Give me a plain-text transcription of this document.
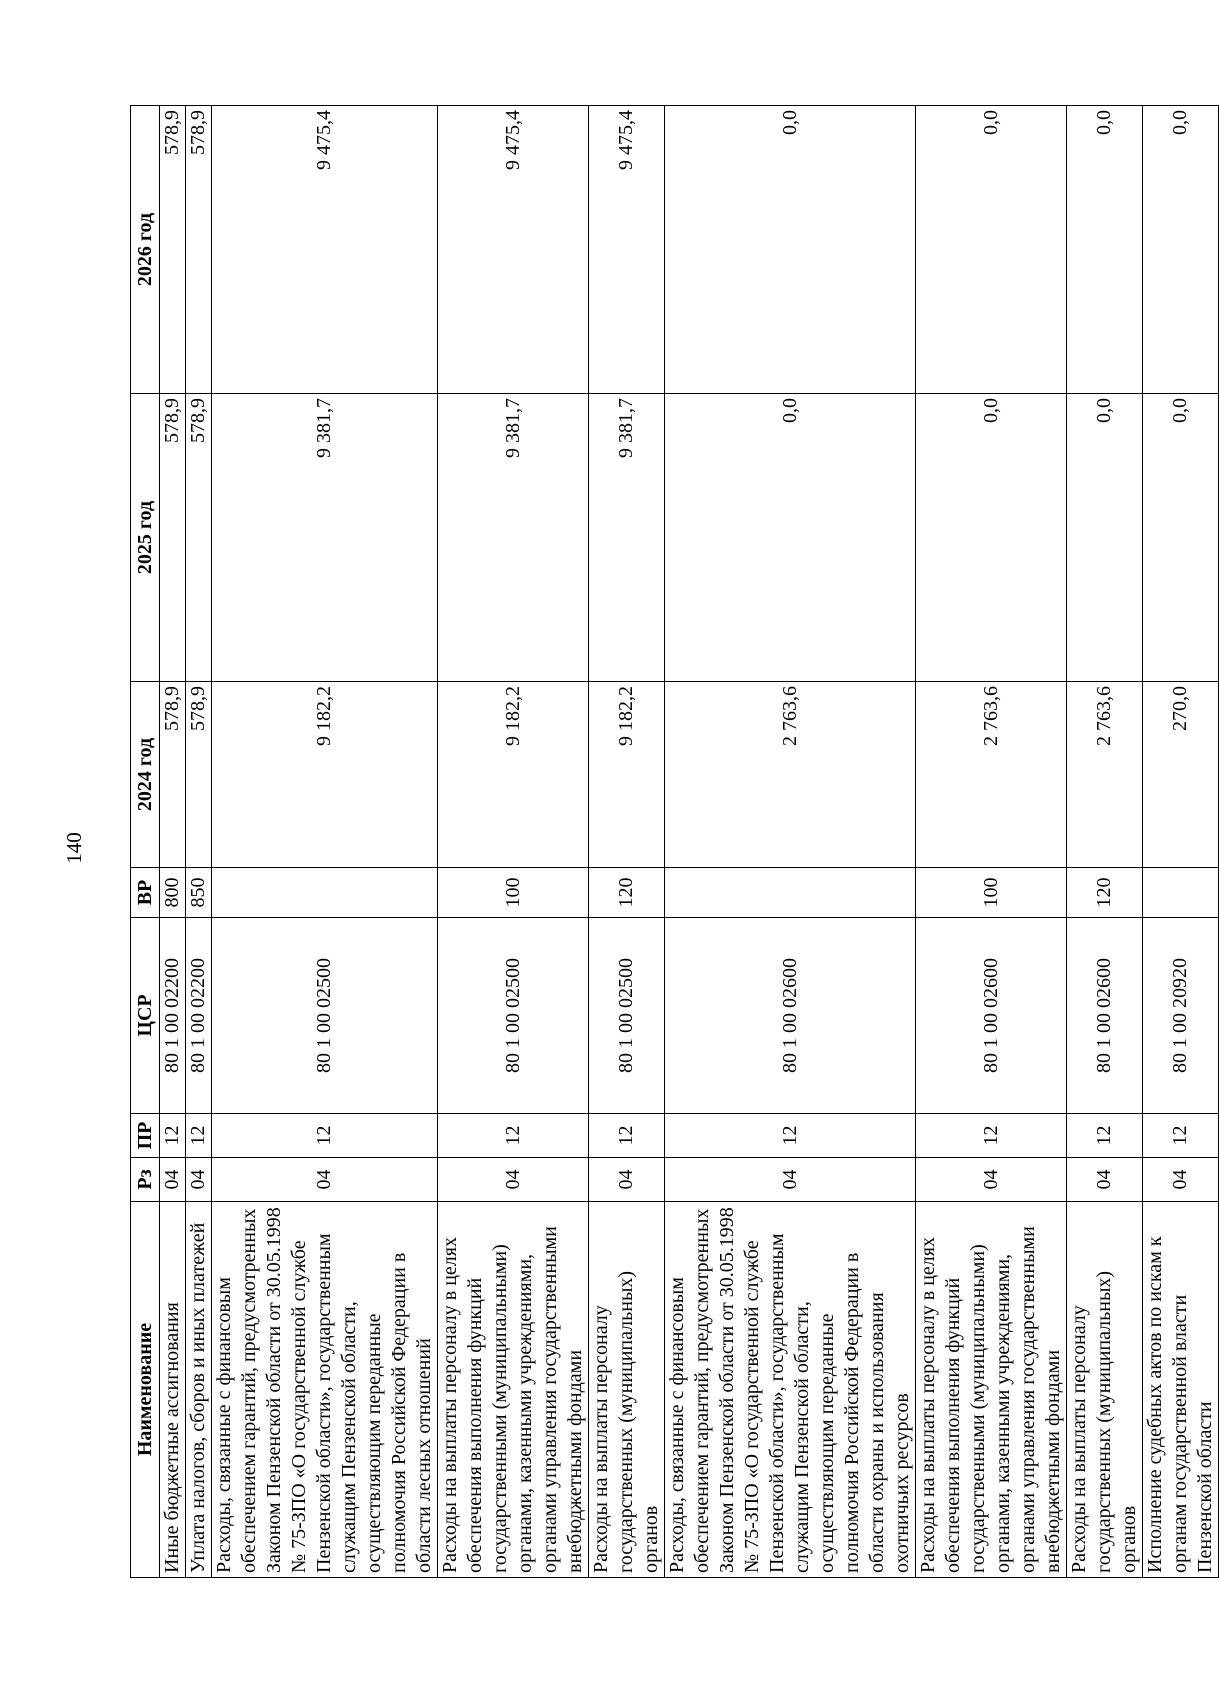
140
Наименование	Рз	ПР	ЦСР	ВР	2024 год	2025 год	2026 год
Иные бюджетные ассигнования	04	12	80 1 00 02200	800	578,9	578,9	578,9
Уплата налогов, сборов и иных платежей	04	12	80 1 00 02200	850	578,9	578,9	578,9
Расходы, связанные с финансовым обеспечением гарантий, предусмотренных Законом Пензенской области от 30.05.1998 № 75-ЗПО «О государственной службе Пензенской области», государственным служащим Пензенской области, осуществляющим переданные полномочия Российской Федерации в области лесных отношений	04	12	80 1 00 02500		9 182,2	9 381,7	9 475,4
Расходы на выплаты персоналу в целях обеспечения выполнения функций государственными (муниципальными) органами, казенными учреждениями, органами управления государственными внебюджетными фондами	04	12	80 1 00 02500	100	9 182,2	9 381,7	9 475,4
Расходы на выплаты персоналу государственных (муниципальных) органов	04	12	80 1 00 02500	120	9 182,2	9 381,7	9 475,4
Расходы, связанные с финансовым обеспечением гарантий, предусмотренных Законом Пензенской области от 30.05.1998 № 75-ЗПО «О государственной службе Пензенской области», государственным служащим Пензенской области, осуществляющим переданные полномочия Российской Федерации в области охраны и использования охотничьих ресурсов	04	12	80 1 00 02600		2 763,6	0,0	0,0
Расходы на выплаты персоналу в целях обеспечения выполнения функций государственными (муниципальными) органами, казенными учреждениями, органами управления государственными внебюджетными фондами	04	12	80 1 00 02600	100	2 763,6	0,0	0,0
Расходы на выплаты персоналу государственных (муниципальных) органов	04	12	80 1 00 02600	120	2 763,6	0,0	0,0
Исполнение судебных актов по искам к органам государственной власти Пензенской области	04	12	80 1 00 20920		270,0	0,0	0,0
